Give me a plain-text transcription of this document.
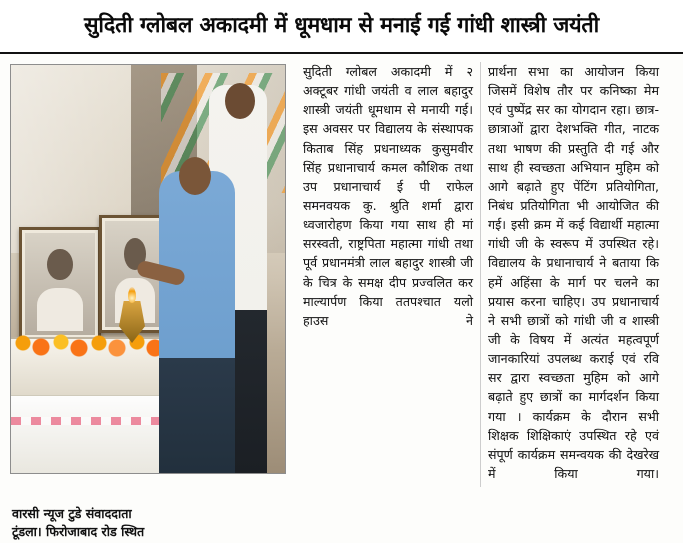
सुदिती ग्लोबल अकादमी में धूमधाम से मनाई गई गांधी शास्त्री जयंती

सुदिती ग्लोबल अकादमी में २ अक्टूबर गांधी जयंती व लाल बहादुर शास्त्री जयंती धूमधाम से मनायी गई। इस अवसर पर विद्यालय के संस्थापक किताब सिंह प्रधनाध्यक कुसुमवीर सिंह प्रधानाचार्य कमल कौशिक तथा उप प्रधानाचार्य ई पी राफेल समनवयक कु. श्रुति शर्मा द्वारा ध्वजारोहण किया गया साथ ही मां सरस्वती, राष्ट्रपिता महात्मा गांधी तथा पूर्व प्रधानमंत्री लाल बहादुर शास्त्री जी के चित्र के समक्ष दीप प्रज्वलित कर माल्यार्पण किया ततपश्चात यलो हाउस ने

प्रार्थना सभा का आयोजन किया जिसमें विशेष तौर पर कनिष्का मेम एवं पुष्पेंद्र सर का योगदान रहा। छात्र-छात्राओं द्वारा देशभक्ति गीत, नाटक तथा भाषण की प्रस्तुति दी गई और साथ ही स्वच्छता अभियान मुहिम को आगे बढ़ाते हुए पेंटिंग प्रतियोगिता, निबंध प्रतियोगिता भी आयोजित की गई। इसी क्रम में कई विद्यार्थी महात्मा गांधी जी के स्वरूप में उपस्थित रहे। विद्यालय के प्रधानाचार्य ने बताया कि हमें अहिंसा के मार्ग पर चलने का प्रयास करना चाहिए। उप प्रधानाचार्य ने सभी छात्रों को गांधी जी व शास्त्री जी के विषय में अत्यंत महत्वपूर्ण जानकारियां उपलब्ध कराई एवं रवि सर द्वारा स्वच्छता मुहिम को आगे बढ़ाते हुए छात्रों का मार्गदर्शन किया गया । कार्यक्रम के दौरान सभी शिक्षक शिक्षिकाएं उपस्थित रहे एवं संपूर्ण कार्यक्रम समन्वयक की देखरेख में किया गया।

वारसी न्यूज टुडे संवाददाता
टूंडला। फिरोजाबाद रोड स्थित
